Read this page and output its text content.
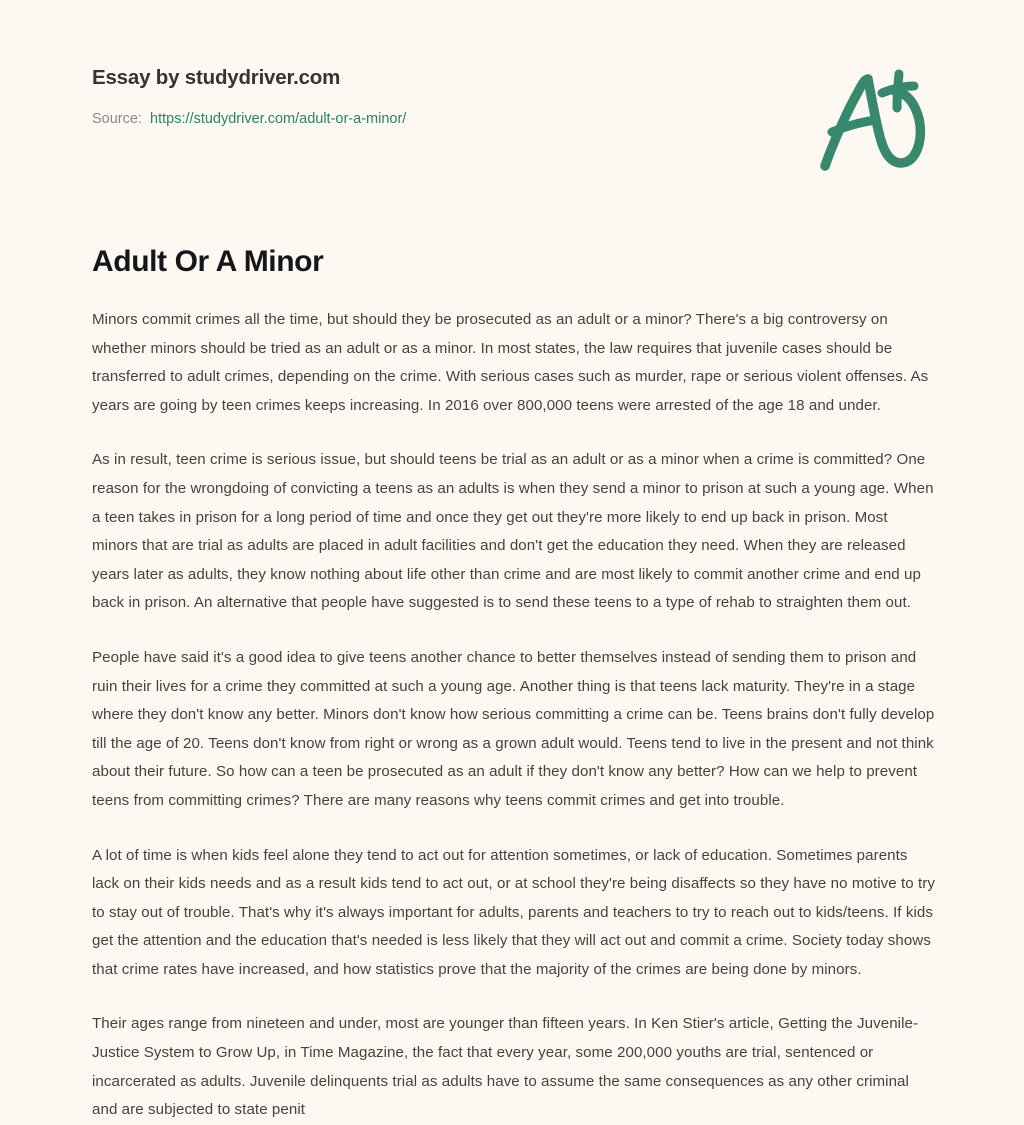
Essay by studydriver.com
Source: https://studydriver.com/adult-or-a-minor/
Adult Or A Minor

Minors commit crimes all the time, but should they be prosecuted as an adult or a minor? There's a big controversy on whether minors should be tried as an adult or as a minor. In most states, the law requires that juvenile cases should be transferred to adult crimes, depending on the crime. With serious cases such as murder, rape or serious violent offenses. As years are going by teen crimes keeps increasing. In 2016 over 800,000 teens were arrested of the age 18 and under.

As in result, teen crime is serious issue, but should teens be trial as an adult or as a minor when a crime is committed? One reason for the wrongdoing of convicting a teens as an adults is when they send a minor to prison at such a young age. When a teen takes in prison for a long period of time and once they get out they're more likely to end up back in prison. Most minors that are trial as adults are placed in adult facilities and don't get the education they need. When they are released years later as adults, they know nothing about life other than crime and are most likely to commit another crime and end up back in prison. An alternative that people have suggested is to send these teens to a type of rehab to straighten them out.

People have said it's a good idea to give teens another chance to better themselves instead of sending them to prison and ruin their lives for a crime they committed at such a young age. Another thing is that teens lack maturity. They're in a stage where they don't know any better. Minors don't know how serious committing a crime can be. Teens brains don't fully develop till the age of 20. Teens don't know from right or wrong as a grown adult would. Teens tend to live in the present and not think about their future. So how can a teen be prosecuted as an adult if they don't know any better? How can we help to prevent teens from committing crimes? There are many reasons why teens commit crimes and get into trouble.

A lot of time is when kids feel alone they tend to act out for attention sometimes, or lack of education. Sometimes parents lack on their kids needs and as a result kids tend to act out, or at school they're being disaffects so they have no motive to try to stay out of trouble. That's why it's always important for adults, parents and teachers to try to reach out to kids/teens. If kids get the attention and the education that's needed is less likely that they will act out and commit a crime. Society today shows that crime rates have increased, and how statistics prove that the majority of the crimes are being done by minors.

Their ages range from nineteen and under, most are younger than fifteen years. In Ken Stier's article, Getting the Juvenile-Justice System to Grow Up, in Time Magazine, the fact that every year, some 200,000 youths are trial, sentenced or incarcerated as adults. Juvenile delinquents trial as adults have to assume the same consequences as any other criminal and are subjected to state penit
